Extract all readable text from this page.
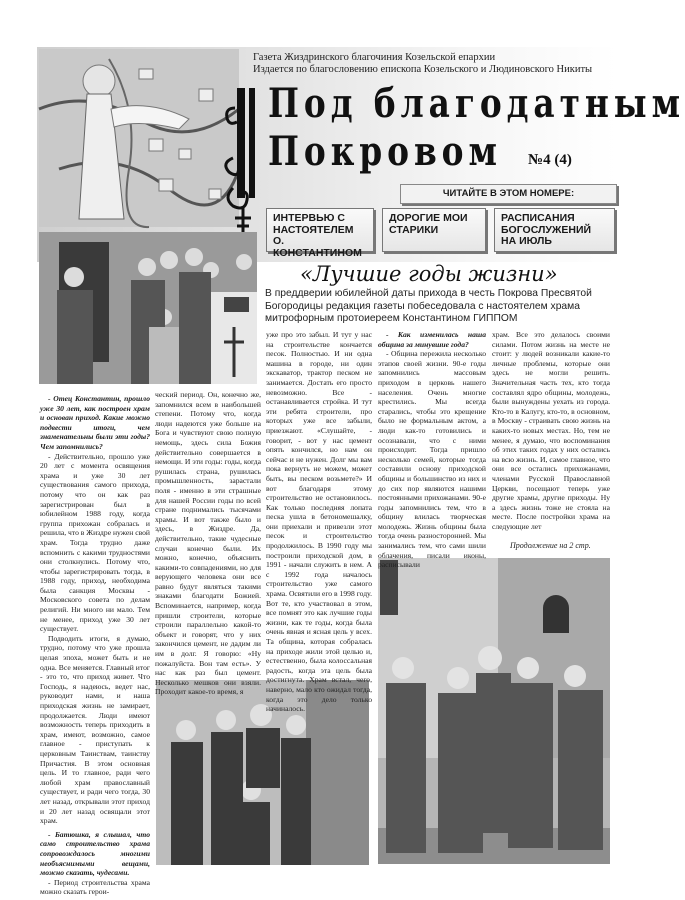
Газета Жиздринского благочиния Козельской епархии
Издается по благословению епископа Козельского и Людиновского Никиты
Под благодатным
Покровом №4 (4)
ЧИТАЙТЕ В ЭТОМ НОМЕРЕ:
ИНТЕРВЬЮ С НАСТОЯТЕЛЕМ О. КОНСТАНТИНОМ
ДОРОГИЕ МОИ СТАРИКИ
РАСПИСАНИЯ БОГОСЛУЖЕНИЙ НА ИЮЛЬ
«Лучшие годы жизни»
В преддверии юбилейной даты прихода в честь Покрова Пресвятой Богородицы редакция газеты побеседовала с настоятелем храма митрофорным протоиереем Константином ГИППОМ

- Отец Константин, прошло уже 30 лет, как построен храм и основан приход. Какие можно подвести итоги, чем знаменательны были эти годы? Чем запомнились?

- Действительно, прошло уже 20 лет с момента освящения храма и уже 30 лет существования самого прихода, потому что он как раз зарегистрирован был в юбилейном 1988 году, когда группа прихожан собралась и решила, что в Жиздре нужен свой храм. Тогда трудно даже вспомнить с какими трудностями они столкнулись. Потому что, чтобы зарегистрировать тогда, в 1988 году, приход, необходима была санкция Москвы - Московского совета по делам религий. Ни много ни мало. Тем не менее, приход уже 30 лет существует.

Подводить итоги, я думаю, трудно, потому что уже прошла целая эпоха, может быть и не одна. Все меняется. Главный итог - это то, что приход живет. Что Господь, я надеюсь, ведет нас, руководит нами, и наша приходская жизнь не замирает, продолжается. Люди имеют возможность теперь приходить в храм, имеют, возможно, самое главное - приступать к церковным Таинствам, таинству Причастия. В этом основная цель. И то главное, ради чего любой храм православный существует, и ради чего тогда, 30 лет назад, открывали этот приход и 20 лет назад освящали этот храм.

- Батюшка, я слышал, что само строительство храма сопровождалось многими необъяснимыми вещами, можно сказать, чудесами.

- Период строительства храма можно сказать герои-

ческий период. Он, конечно же, запомнился всем в наибольшей степени. Потому что, когда люди надеются уже больше на Бога и чувствуют свою полную немощь, здесь сила Божия действительно совершается в немощи. И эти годы: годы, когда рушилась страна, рушилась промышленность, зарастали поля - именно в эти страшные для нашей России годы по всей стране поднимались тысячами храмы. И вот также было и здесь, в Жиздре. Да, действительно, такие чудесные случаи конечно были. Их можно, конечно, объяснить какими-то совпадениями, но для верующего человека они все равно будут являться такими знаками благодати Божией. Вспоминается, например, когда пришли строители, которые строили параллельно какой-то объект и говорят, что у них закончился цемент, не дадим ли им в долг. Я говорю: «Ну пожалуйста. Вон там есть». У нас как раз был цемент. Несколько мешков они взяли. Проходит какое-то время, я

уже про это забыл. И тут у нас на строительстве кончается песок. Полностью. И ни одна машина в городе, ни один экскаватор, трактор песком не занимается. Достать его просто невозможно. Все - останавливается стройка. И тут эти ребята строители, про которых уже все забыли, приезжают. «Слушайте, - говорит, - вот у нас цемент опять кончился, но нам он сейчас и не нужен. Долг мы вам пока вернуть не можем, может быть, вы песком возьмете?» И вот благодаря этому строительство не остановилось. Как только последняя лопата песка ушла в бетономешалку, они приехали и привезли этот песок и строительство продолжилось. В 1990 году мы построили приходской дом, в 1991 - начали служить в нем. А с 1992 года началось строительство уже самого храма. Освятили его в 1998 году. Вот те, кто участвовал в этом, все помнят это как лучшие годы жизни, как те годы, когда была очень явная и ясная цель у всех. Та община, которая собралась на приходе жили этой целью и, естественно, была колоссальная радость, когда эта цель была достигнута. Храм встал, чего, наверно, мало кто ожидал тогда, когда это дело только начиналось.

- Как изменилась наша община за минувшие года?

- Община пережила несколько этапов своей жизни. 90-е годы запомнились массовым приходом в церковь нашего населения. Очень многие крестились. Мы всегда старались, чтобы это крещение было не формальным актом, а люди как-то готовились и осознавали, что с ними происходит. Тогда пришло несколько семей, которые тогда составили основу приходской общины и большинство из них и до сих пор являются нашими постоянными прихожанами. 90-е годы запомнились тем, что в общину влилась творческая молодежь. Жизнь общины была тогда очень разносторонней. Мы занимались тем, что сами шили облачения, писали иконы, расписывали

храм. Все это делалось своими силами. Потом жизнь на месте не стоит: у людей возникали какие-то личные проблемы, которые они здесь не могли решить. Значительная часть тех, кто тогда составлял ядро общины, молодежь, были вынуждены уехать из города. Кто-то в Калугу, кто-то, в основном, в Москву - страивать свою жизнь на каких-то новых местах. Но, тем не менее, я думаю, что воспоминания об этих таких годах у них остались на всю жизнь. И, самое главное, что они все остались прихожанами, членами Русской Православной Церкви, посещают теперь уже другие храмы, другие приходы. Ну а здесь жизнь тоже не стояла на месте. После постройки храма на следующие лет

Продолжение на 2 стр.
